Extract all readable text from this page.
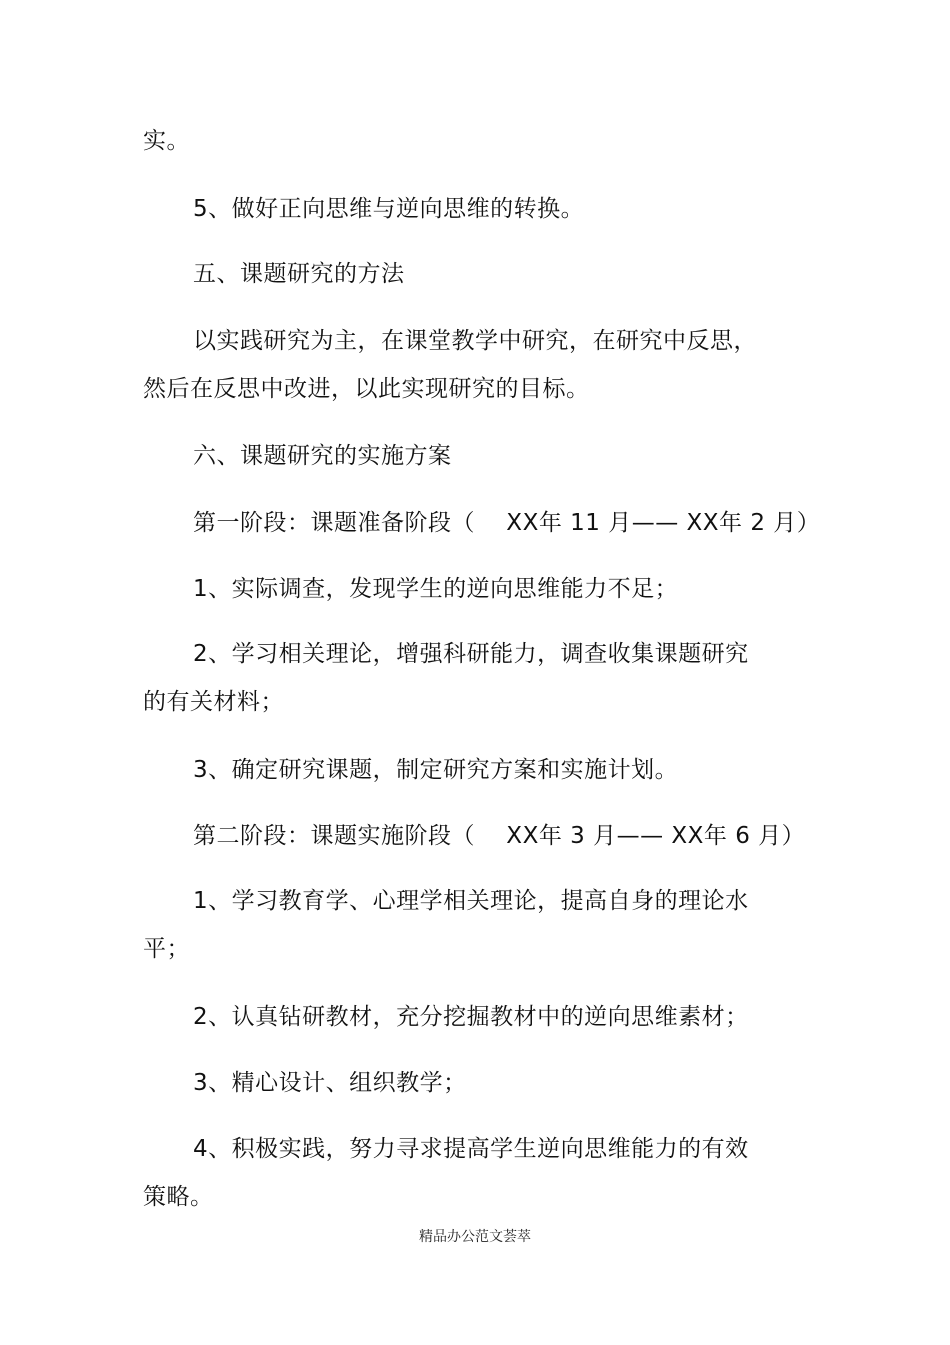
实。
5、做好正向思维与逆向思维的转换。
五、课题研究的方法
以实践研究为主，在课堂教学中研究，在研究中反思，
然后在反思中改进，以此实现研究的目标。
六、课题研究的实施方案
第一阶段：课题准备阶段（　 XX年 11 月—— XX年 2 月）
1、实际调查，发现学生的逆向思维能力不足；
2、学习相关理论，增强科研能力，调查收集课题研究
的有关材料；
3、确定研究课题，制定研究方案和实施计划。
第二阶段：课题实施阶段（　 XX年 3 月—— XX年 6 月）
1、学习教育学、心理学相关理论，提高自身的理论水
平；
2、认真钻研教材，充分挖掘教材中的逆向思维素材；
3、精心设计、组织教学；
4、积极实践，努力寻求提高学生逆向思维能力的有效
策略。
精品办公范文荟萃
